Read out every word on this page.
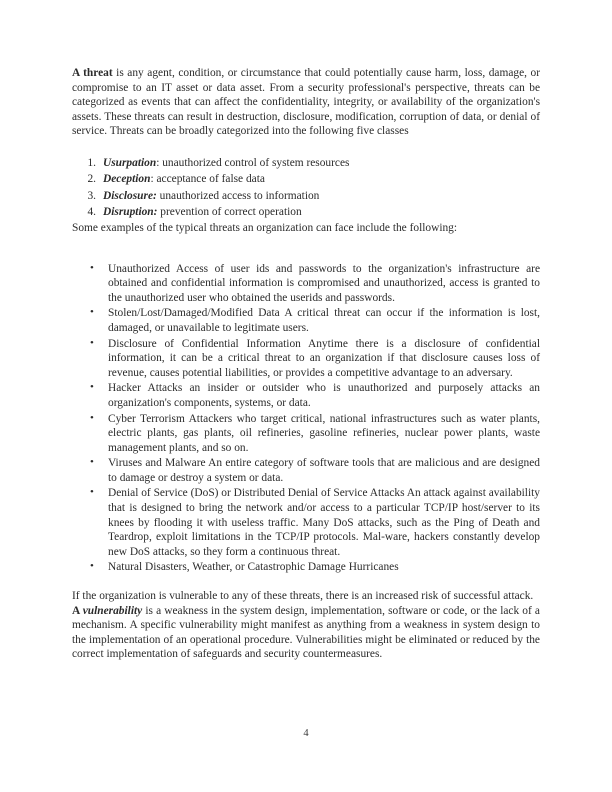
A threat is any agent, condition, or circumstance that could potentially cause harm, loss, damage, or compromise to an IT asset or data asset. From a security professional's perspective, threats can be categorized as events that can affect the confidentiality, integrity, or availability of the organization's assets. These threats can result in destruction, disclosure, modification, corruption of data, or denial of service. Threats can be broadly categorized into the following five classes

1. Usurpation: unauthorized control of system resources
2. Deception: acceptance of false data
3. Disclosure: unauthorized access to information
4. Disruption: prevention of correct operation

Some examples of the typical threats an organization can face include the following:

• Unauthorized Access of user ids and passwords to the organization's infrastructure are obtained and confidential information is compromised and unauthorized, access is granted to the unauthorized user who obtained the userids and passwords.
• Stolen/Lost/Damaged/Modified Data A critical threat can occur if the information is lost, damaged, or unavailable to legitimate users.
• Disclosure of Confidential Information Anytime there is a disclosure of confidential information, it can be a critical threat to an organization if that disclosure causes loss of revenue, causes potential liabilities, or provides a competitive advantage to an adversary.
• Hacker Attacks an insider or outsider who is unauthorized and purposely attacks an organization's components, systems, or data.
• Cyber Terrorism Attackers who target critical, national infrastructures such as water plants, electric plants, gas plants, oil refineries, gasoline refineries, nuclear power plants, waste management plants, and so on.
• Viruses and Malware An entire category of software tools that are malicious and are designed to damage or destroy a system or data.
• Denial of Service (DoS) or Distributed Denial of Service Attacks An attack against availability that is designed to bring the network and/or access to a particular TCP/IP host/server to its knees by flooding it with useless traffic. Many DoS attacks, such as the Ping of Death and Teardrop, exploit limitations in the TCP/IP protocols. Mal-ware, hackers constantly develop new DoS attacks, so they form a continuous threat.
• Natural Disasters, Weather, or Catastrophic Damage Hurricanes

If the organization is vulnerable to any of these threats, there is an increased risk of successful attack.

A vulnerability is a weakness in the system design, implementation, software or code, or the lack of a mechanism. A specific vulnerability might manifest as anything from a weakness in system design to the implementation of an operational procedure. Vulnerabilities might be eliminated or reduced by the correct implementation of safeguards and security countermeasures.

4
